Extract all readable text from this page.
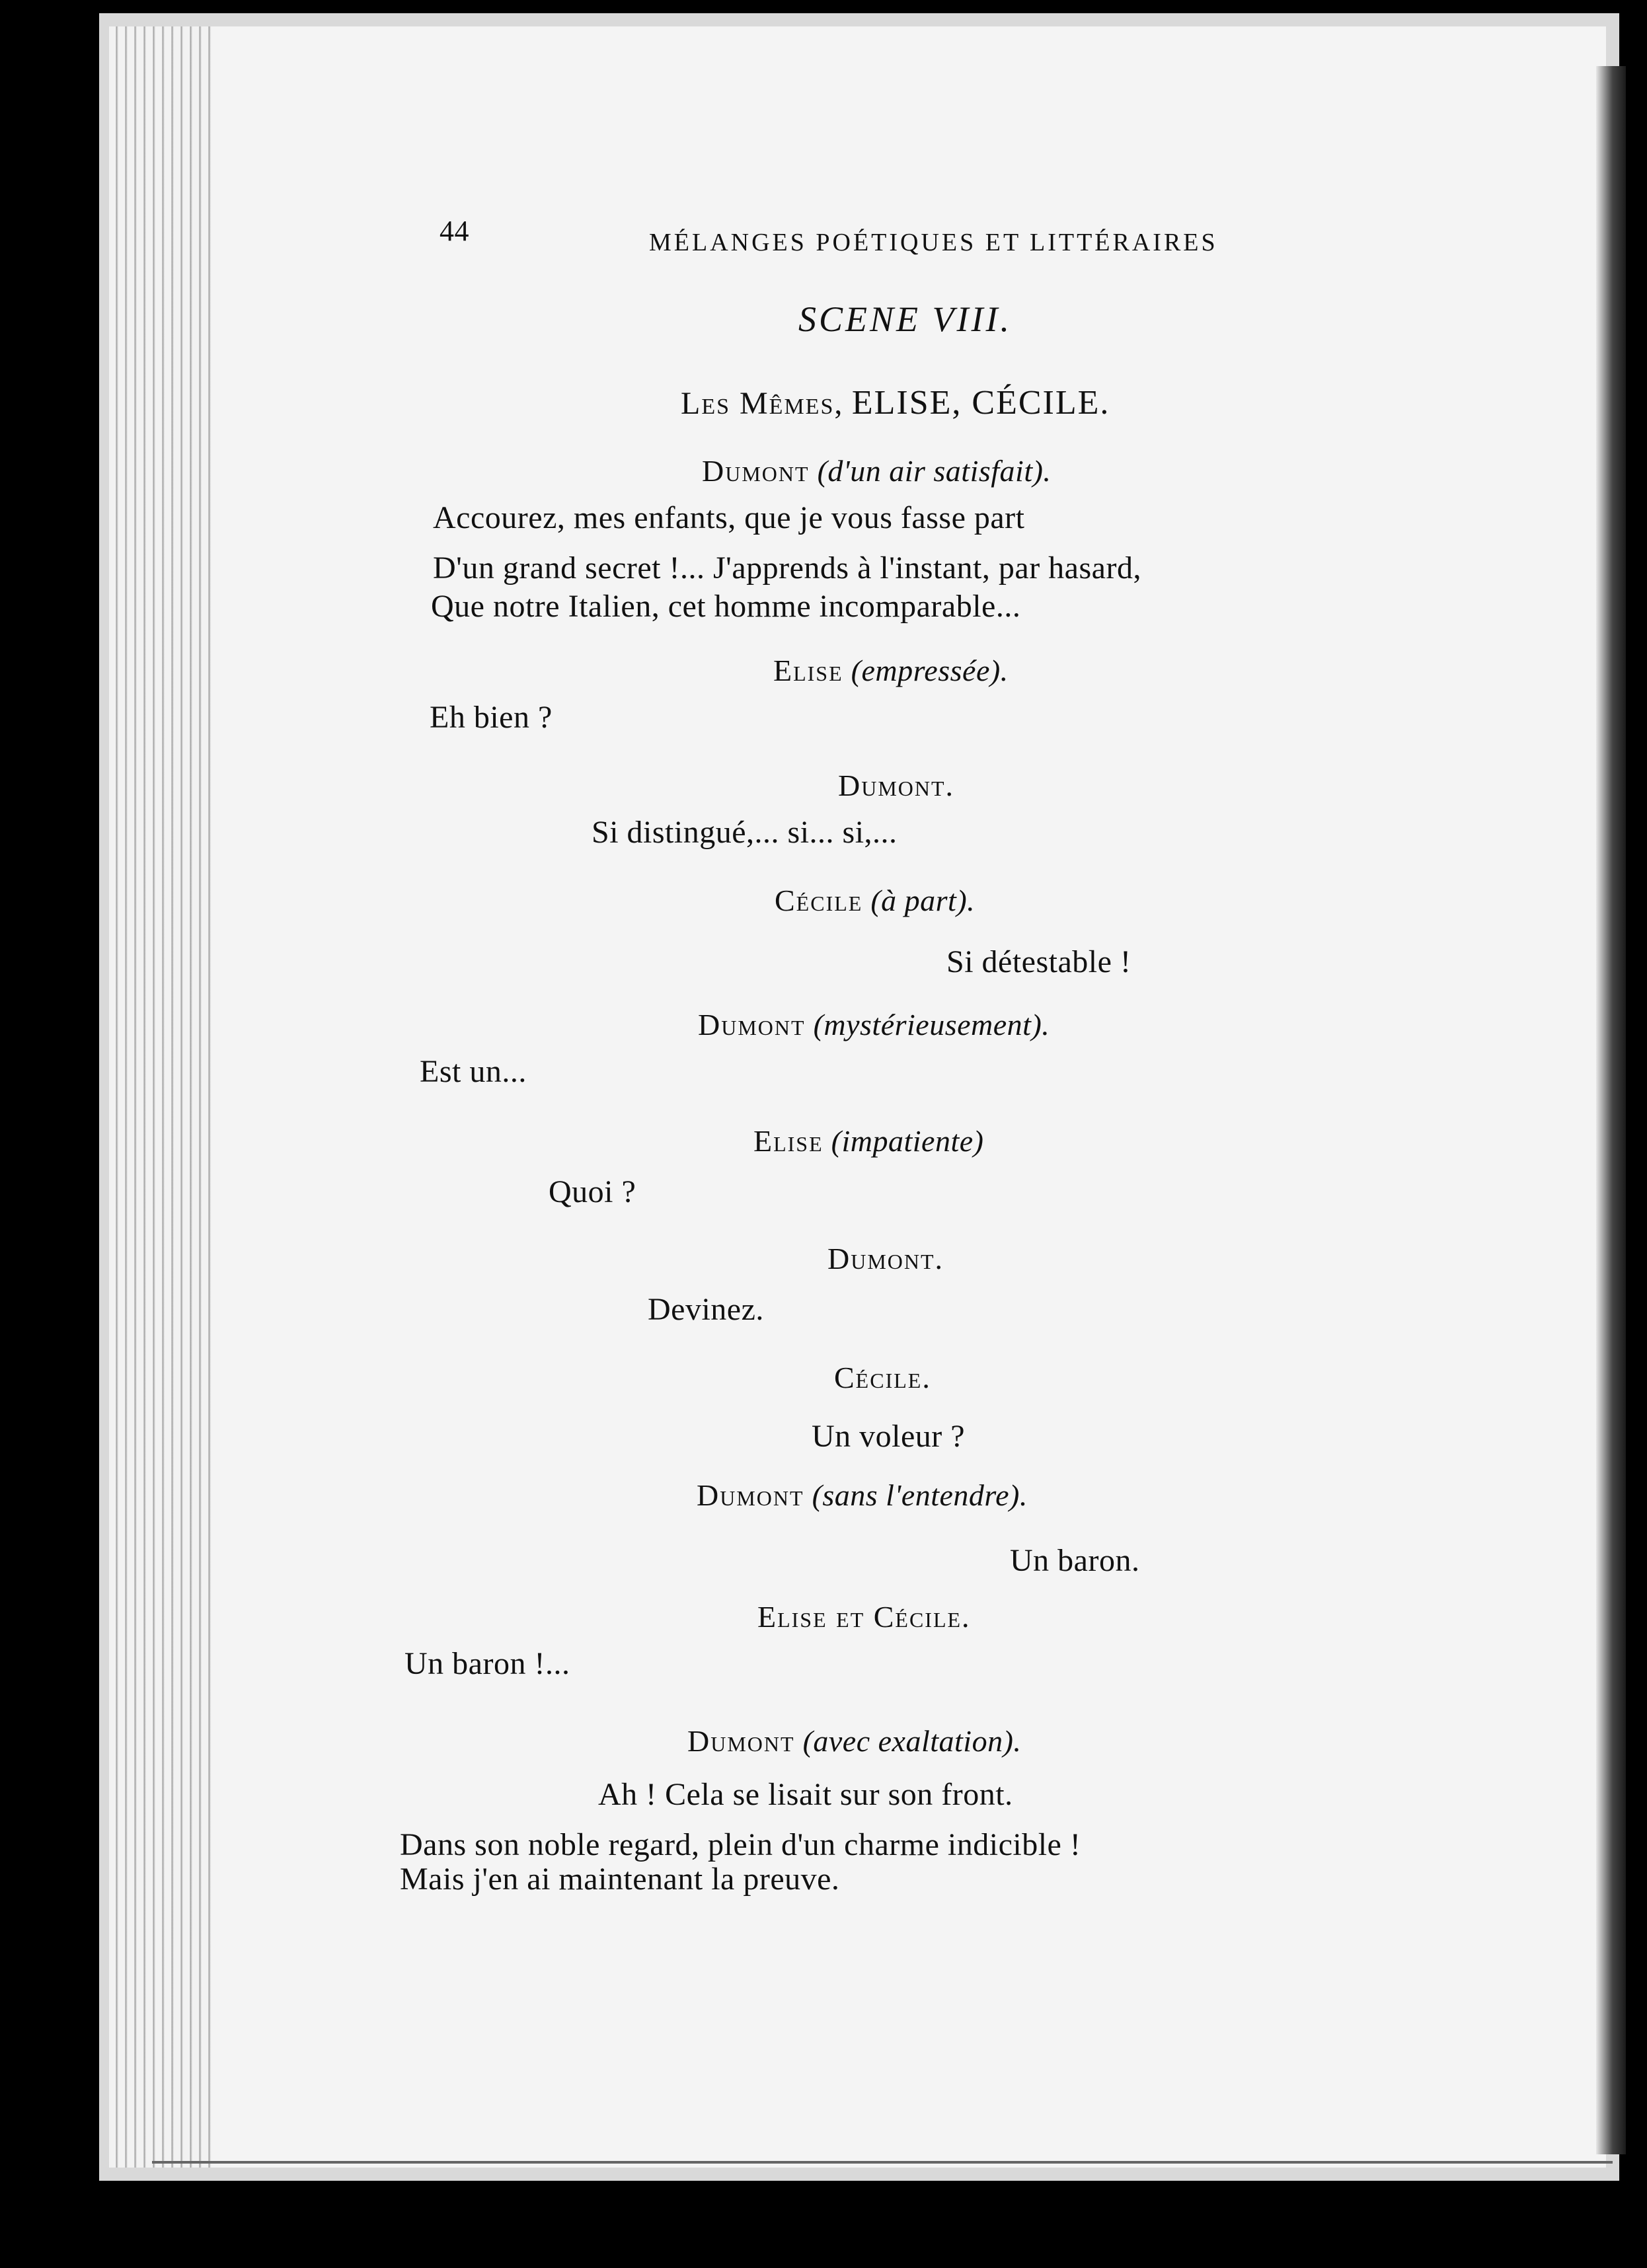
44	MÉLANGES POÉTIQUES ET LITTÉRAIRES
SCENE VIII.
Les Mêmes, ELISE, CÉCILE.
Dumont (d'un air satisfait).
Accourez, mes enfants, que je vous fasse part
D'un grand secret !... J'apprends à l'instant, par hasard,
Que notre Italien, cet homme incomparable...
Elise (empressée).
Eh bien ?
Dumont.
Si distingué,... si... si,...
Cécile (à part).
Si détestable !
Dumont (mystérieusement).
Est un...
Elise (impatiente)
Quoi ?
Dumont.
Devinez.
Cécile.
Un voleur ?
Dumont (sans l'entendre).
Un baron.
Elise et Cécile.
Un baron !...
Dumont (avec exaltation).
Ah ! Cela se lisait sur son front.
Dans son noble regard, plein d'un charme indicible !
Mais j'en ai maintenant la preuve.
